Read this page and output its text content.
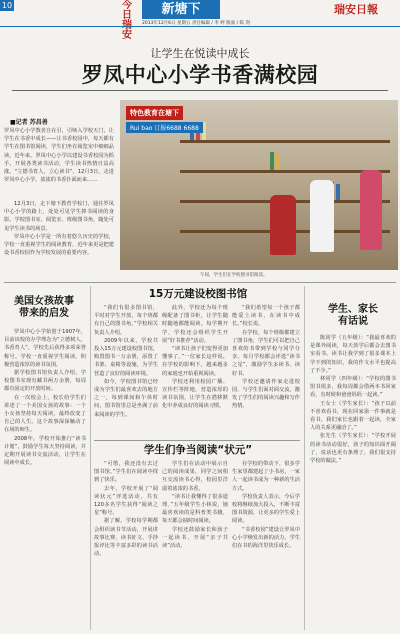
10	今日 安
新塘下
2013年12月6日 星期五 责任编辑 / 李 婷 版面 / 陈 剑
瑞安日報
让学生在悦读中成长
罗凤中心小学书香满校园
■记者 苏昌善
罗凤中心小学教者自在引，引师入学校天门，让学生在书香中成长——让书香校园中，每天都有学生在图书馆阅读，学生们坐在阅览室中细细品读。近年来，罗凤中心小学以建设书香校园为抓手，开展各类读书活动，学生读书热情日益高涨。“立德书育人，立心读书”，12月3日，走进罗凤中心小学，浓浓的书香扑面而来……
特色教育在塘下
Rui bao 订报6688 6688
午间，学生们在学校图书馆阅读。

12月3日，走下塘下教育学校门，通往罗凤中心小学的路上，处处可见学生捧书阅读的身影。学校图书室、阅览室、班级图书角，随处可见学生读书的场景。

罗凤中心小学是一所有着悠久历史的学校，学校一直重视学生的阅读教育，近年来更是把建设书香校园作为学校发展的重要内容。

美国女孩故事
带来的启发

罗凤中心小学始创于1907年，目前该校的办学理念为“立德树人，书香育人”，学校先后获得多项荣誉称号。学校一直重视学生阅读，积极营造浓厚的读书氛围。

据学校图书馆负责人介绍，学校图书室现有藏书两万余册，每周都有固定的开放时间。

在一次校会上，校长给学生们讲述了一个美国女孩的故事：一个小女孩坚持每天阅读，最终改变了自己的人生。这个故事深深触动了在场的师生。

2008年，学校开始推行“读书计划”，鼓励学生每天坚持阅读，并定期开展读书交流活动，让学生在阅读中成长。

15万元建设校图书馆

“我们有很多图书馆，平时对学生开放，每个班都有自己的图书角。”学校相关负责人介绍。

2009年以来，学校共投入15万元建设校图书馆，购置图书一万余册，添置了书架、桌椅等设施，为学生营造了良好的阅读环境。

如今，学校图书馆已经成为学生们最喜欢去的地方之一，每到课间和午休时间，图书馆里总是坐满了前来阅读的学生。

此外，学校还为每个班级配备了图书柜，让学生随时随地都能阅读。每学期开学，学校还会组织学生开展“好书推荐”活动。

“读书让孩子们变得更加懂事了。”一位家长这样说。在学校的影响下，越来越多的家庭也开始重视阅读。

学校还利用校园广播、宣传栏等阵地，营造浓厚的读书氛围，让学生在潜移默化中养成良好的阅读习惯。

“我们希望每一个孩子都能爱上读书，在读书中成长。”校长说。

在学校，每个班级都建立了图书角，学生们可以把自己喜欢的书带到学校与同学分享。每月学校都会评选“读书之星”，激励学生多读书、读好书。

学校还邀请作家走进校园，与学生们面对面交流，激发了学生们的阅读兴趣和写作热情。

学生们争当阅读“状元”

“可惜，我还没有去过图书馆。”学生们在阅读中找到了快乐。

去年，学校开展了“阅读状元”评选活动，共有120多名学生获得“阅读之星”称号。

据了解，学校每学期都会组织读书节活动，开展讲故事比赛、读书征文、手抄报评比等丰富多彩的读书活动。

学生们在活动中展示自己的阅读成果，同学之间相互交流读书心得，校园里洋溢着浓浓的书香。

“读书让我懂得了很多道理。”五年级学生小林说，她最喜欢读的是科普类书籍，每天都会抽时间阅读。

学校还鼓励家长和孩子一起读书，开展“亲子共读”活动。

在学校的带动下，很多学生家里都建起了小书房，一家人一起读书成为一种新的生活方式。

学校负责人表示，今后学校将继续加大投入，不断丰富图书资源，让更多的学生爱上阅读。

“书香校园”建设让罗凤中心小学焕发出新的活力，学生们在书的海洋里快乐成长。

学生、家长
有话说

陈同学（五年级）：“我最喜欢的是课外阅读，每天放学后都会去图书室看书。读书让我学到了很多课本上学不到的知识，我的作文水平也提高了不少。”

林同学（四年级）：“学校的图书馆书很多，我每周都会借两本书回家看，有时候和爸爸妈妈一起读。”

王女士（学生家长）：“孩子以前不喜欢看书，现在回家第一件事就是看书，我们家长也跟着一起读，全家人的关系更融洽了。”

张先生（学生家长）：“学校开展的读书活动很好，孩子的知识面开阔了，说话也更有条理了，我们很支持学校的做法。”
